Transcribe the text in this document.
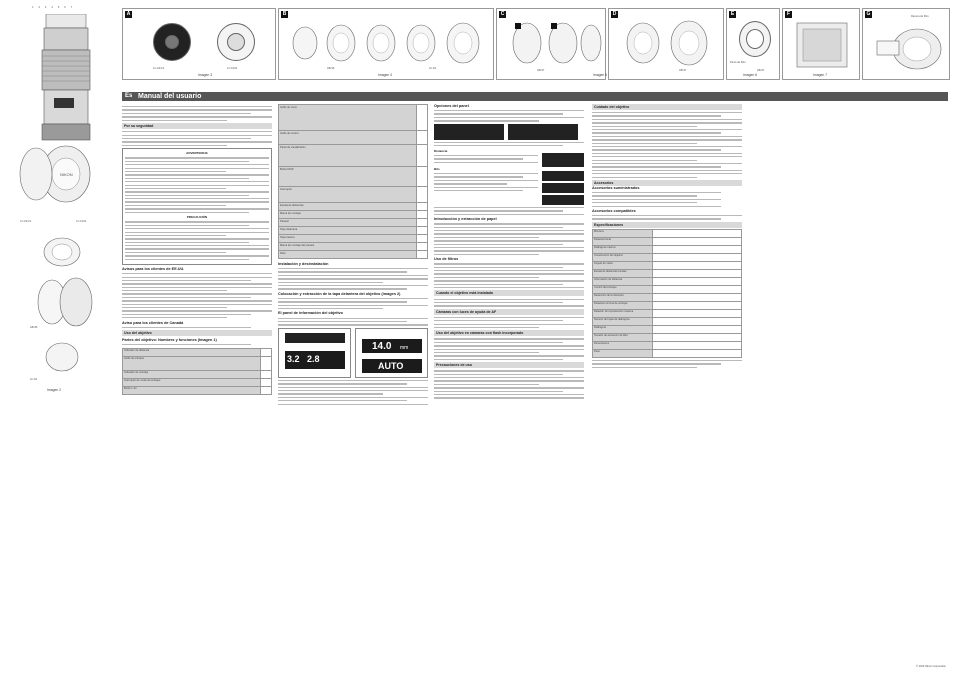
1 2 3 4 5 6 7
NIKON
LC-Z24-S	LC-K104
HB-96
LF-N1
Imagen 2
A
LC-Z24-S	LC-K104
B
HB-96	LF-N1
C
HB-97
D
HB-97
E
Pieza de filtro
HB-97
F	G	Ranura de filtro
Imagen 3	Imagen 4	Imagen 5	Imagen 6	Imagen 7
Es Manual del usuario
Por su seguridad
ADVERTENCIA
PRECAUCIÓN
Avisos para los clientes de EE.UU.
Aviso para los clientes de Canadá
Uso del objetivo
Partes del objetivo: Nombres y funciones (Imagen 1)
Indicador de distancia	
Anillo de enfoque	
Indicador de montaje	
Interruptor de modo de enfoque	
Botón L-Fn	
Anillo de zoom	
Anillo de control	
Panel de visualización	
Botón DISP	
Interruptor	
Escala de distancias	
Marca de montaje	
Parasol	
Tapa delantera	
Tapa trasera	
Marca de montaje del parasol	
Filtro	
Instalación y desinstalación
Colocación y extracción de la tapa delantera del objetivo (Imagen 2)
El panel de información del objetivo
3.2 2.8
14.0 mm
AUTO
Opciones del panel
Distancia
Bits
Introducción y extracción de papel
Uso de filtros
Cuando el objetivo está instalado
Cámaras con luces de ayuda de AF
Uso del objetivo en cámaras con flash incorporado
Precauciones de uso
Cuidado del objetivo
Accesorios
Accesorios suministrados
Accesorios compatibles
Especificaciones
Montura	
Distancia focal	
Diafragma máximo	
Construcción del objetivo	
Ángulo de visión	
Escala de distancias focales	
Información de distancia	
Control del enfoque	
Reducción de la vibración	
Distancia mínima de enfoque	
Relación de reproducción máxima	
Número de hojas de diafragma	
Diafragma	
Tamaño de accesorio de filtro	
Dimensiones	
Peso	
© 2023 Nikon Corporation
